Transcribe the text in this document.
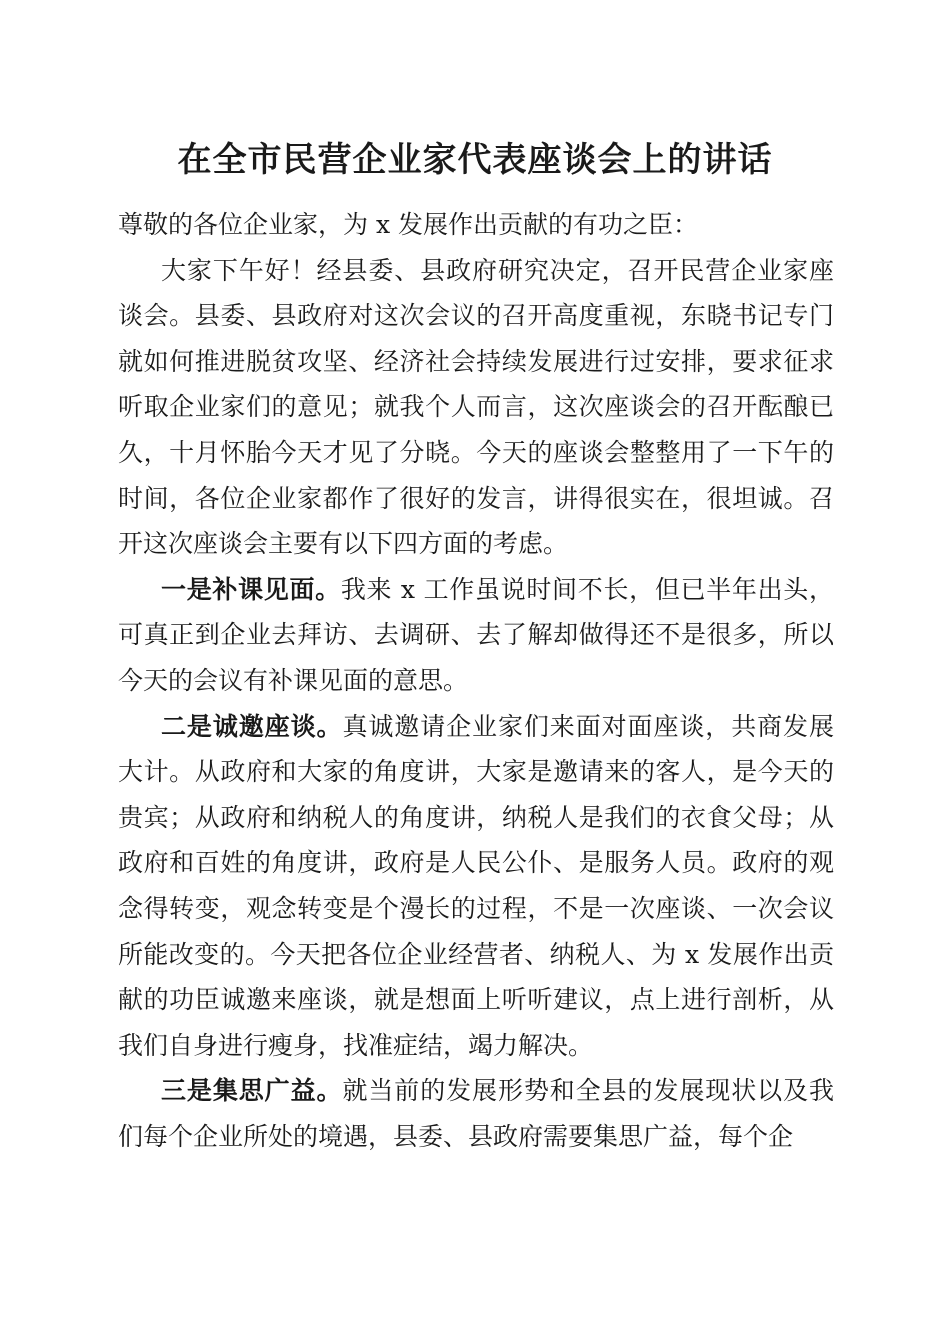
在全市民营企业家代表座谈会上的讲话

尊敬的各位企业家，为 x 发展作出贡献的有功之臣：

大家下午好！经县委、县政府研究决定，召开民营企业家座谈会。县委、县政府对这次会议的召开高度重视，东晓书记专门就如何推进脱贫攻坚、经济社会持续发展进行过安排，要求征求听取企业家们的意见；就我个人而言，这次座谈会的召开酝酿已久，十月怀胎今天才见了分晓。今天的座谈会整整用了一下午的时间，各位企业家都作了很好的发言，讲得很实在，很坦诚。召开这次座谈会主要有以下四方面的考虑。

一是补课见面。我来 x 工作虽说时间不长，但已半年出头，可真正到企业去拜访、去调研、去了解却做得还不是很多，所以今天的会议有补课见面的意思。

二是诚邀座谈。真诚邀请企业家们来面对面座谈，共商发展大计。从政府和大家的角度讲，大家是邀请来的客人，是今天的贵宾；从政府和纳税人的角度讲，纳税人是我们的衣食父母；从政府和百姓的角度讲，政府是人民公仆、是服务人员。政府的观念得转变，观念转变是个漫长的过程，不是一次座谈、一次会议所能改变的。今天把各位企业经营者、纳税人、为 x 发展作出贡献的功臣诚邀来座谈，就是想面上听听建议，点上进行剖析，从我们自身进行瘦身，找准症结，竭力解决。

三是集思广益。就当前的发展形势和全县的发展现状以及我们每个企业所处的境遇，县委、县政府需要集思广益，每个企
